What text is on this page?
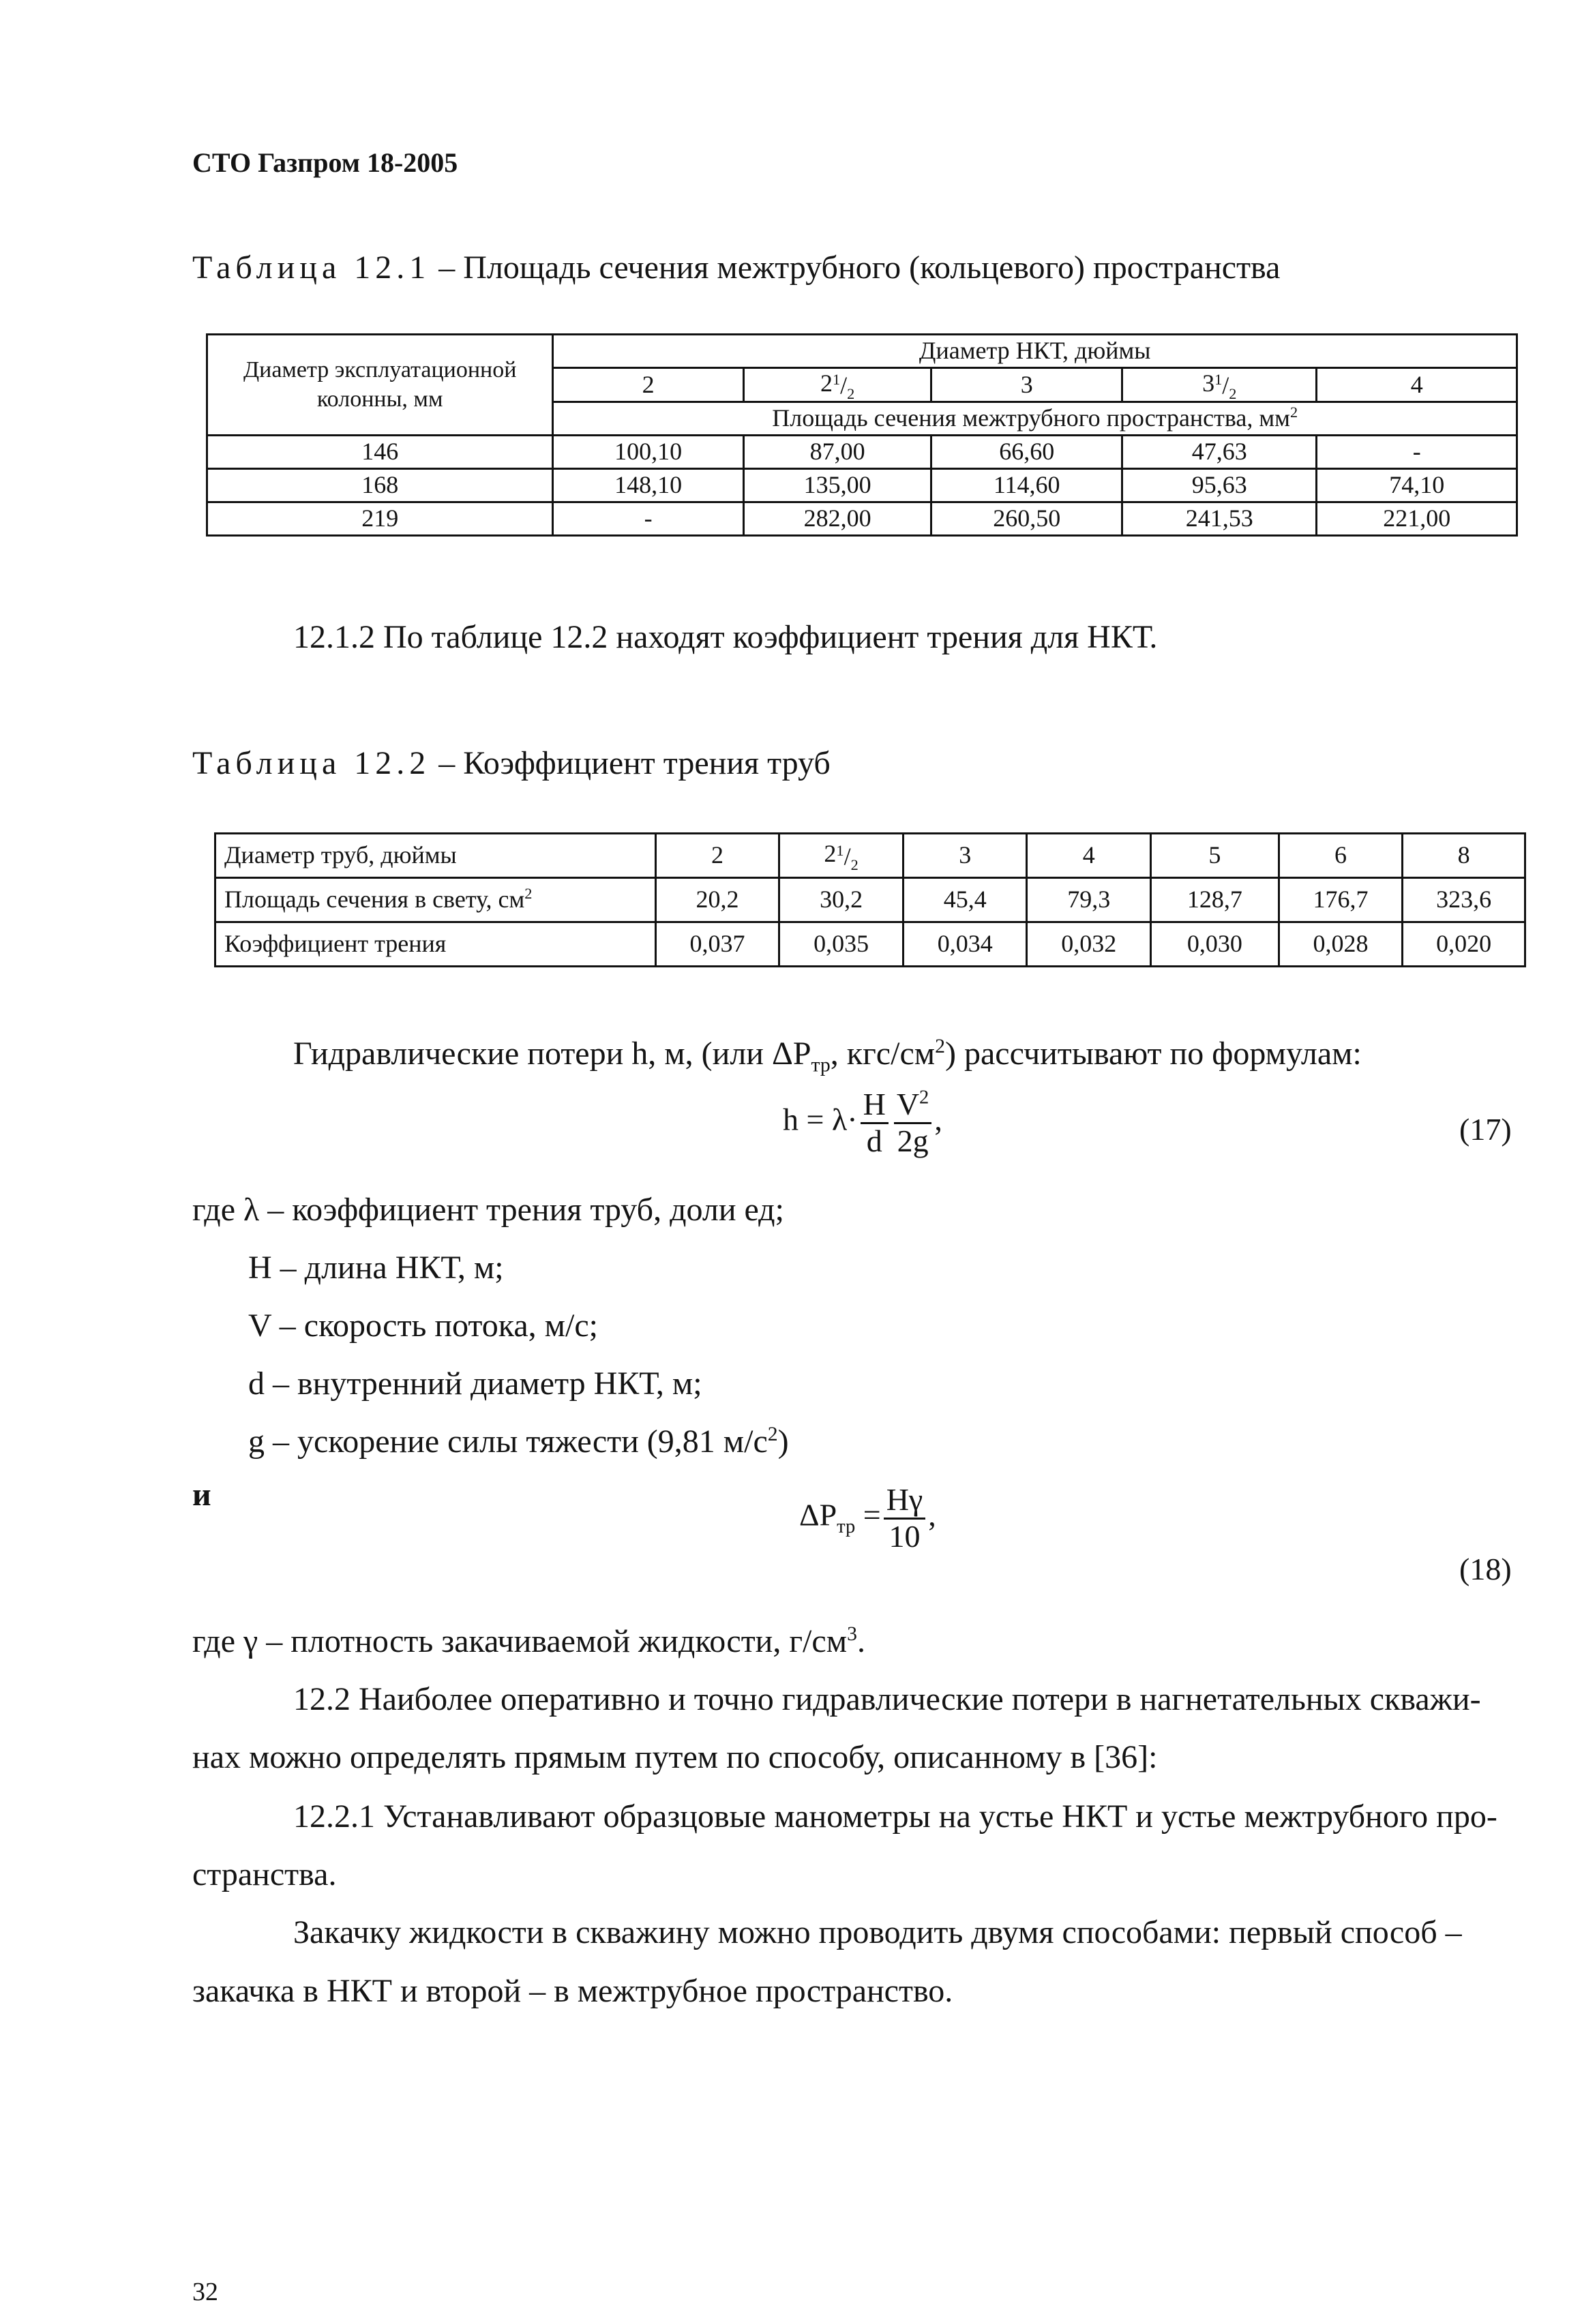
СТО Газпром 18-2005
Таблица 12.1 – Площадь сечения межтрубного (кольцевого) пространства
Диаметр эксплуатационной колонны, мм	Диаметр НКТ, дюймы				
	2	$2^1/_2$	3	$3^1/_2$	4
	Площадь сечения межтрубного пространства, $мм^2$
146	100,10	87,00	66,60	47,63	-
168	148,10	135,00	114,60	95,63	74,10
219	-	282,00	260,50	241,53	221,00
12.1.2 По таблице 12.2 находят коэффициент трения для НКТ.
Таблица 12.2 – Коэффициент трения труб
Диаметр труб, дюймы	2	$2^1/_2$	3	4	5	6	8
Площадь сечения в свету, $см^2$	20,2	30,2	45,4	79,3	128,7	176,7	323,6
Коэффициент трения	0,037	0,035	0,034	0,032	0,030	0,028	0,020
Гидравлические потери h, м, (или $\Delta P_{тр}$, кгс/$см^2$) рассчитывают по формулам:
$h = \lambda\cdot \frac{H}{d} \frac{V^2}{2g}$ ,	(17)
где λ – коэффициент трения труб, доли ед;
H – длина НКТ, м;
V – скорость потока, м/с;
d – внутренний диаметр НКТ, м;
g – ускорение силы тяжести (9,81 $м/с^2$)
и
$\Delta P_{тр} = \frac{H\gamma}{10}$ ,
(18)
где γ – плотность закачиваемой жидкости, $г/см^3$.
12.2 Наиболее оперативно и точно гидравлические потери в нагнетательных скважи-
нах можно определять прямым путем по способу, описанному в [36]:
12.2.1 Устанавливают образцовые манометры на устье НКТ и устье межтрубного про-
странства.
Закачку жидкости в скважину можно проводить двумя способами: первый способ –
закачка в НКТ и второй – в межтрубное пространство.
32
